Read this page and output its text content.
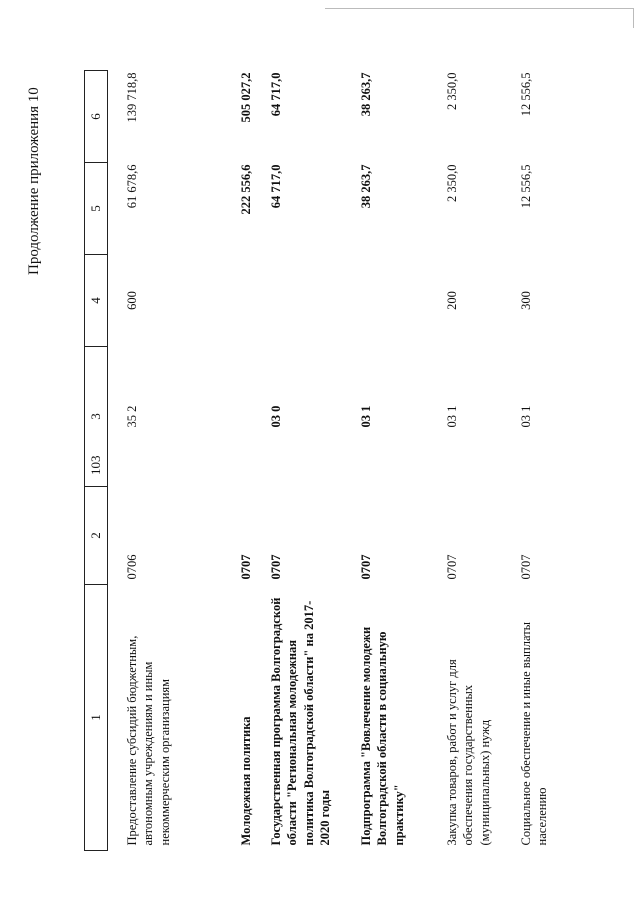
103
Продолжение приложения 10
1	2	3	4	5	6
Предоставление субсидий бюджетным, автономным учреждениям и иным некоммерческим организациям	0706	35 2	600	61 678,6	139 718,8
Молодежная политика	0707			222 556,6	505 027,2
Государственная программа Волгоградской области "Региональная молодежная политика Волгоградской области" на 2017-2020 годы	0707	03 0		64 717,0	64 717,0
Подпрограмма "Вовлечение молодежи Волгоградской области в социальную практику"	0707	03 1		38 263,7	38 263,7
Закупка товаров, работ и услуг для обеспечения государственных (муниципальных) нужд	0707	03 1	200	2 350,0	2 350,0
Социальное обеспечение и иные выплаты населению	0707	03 1	300	12 556,5	12 556,5
